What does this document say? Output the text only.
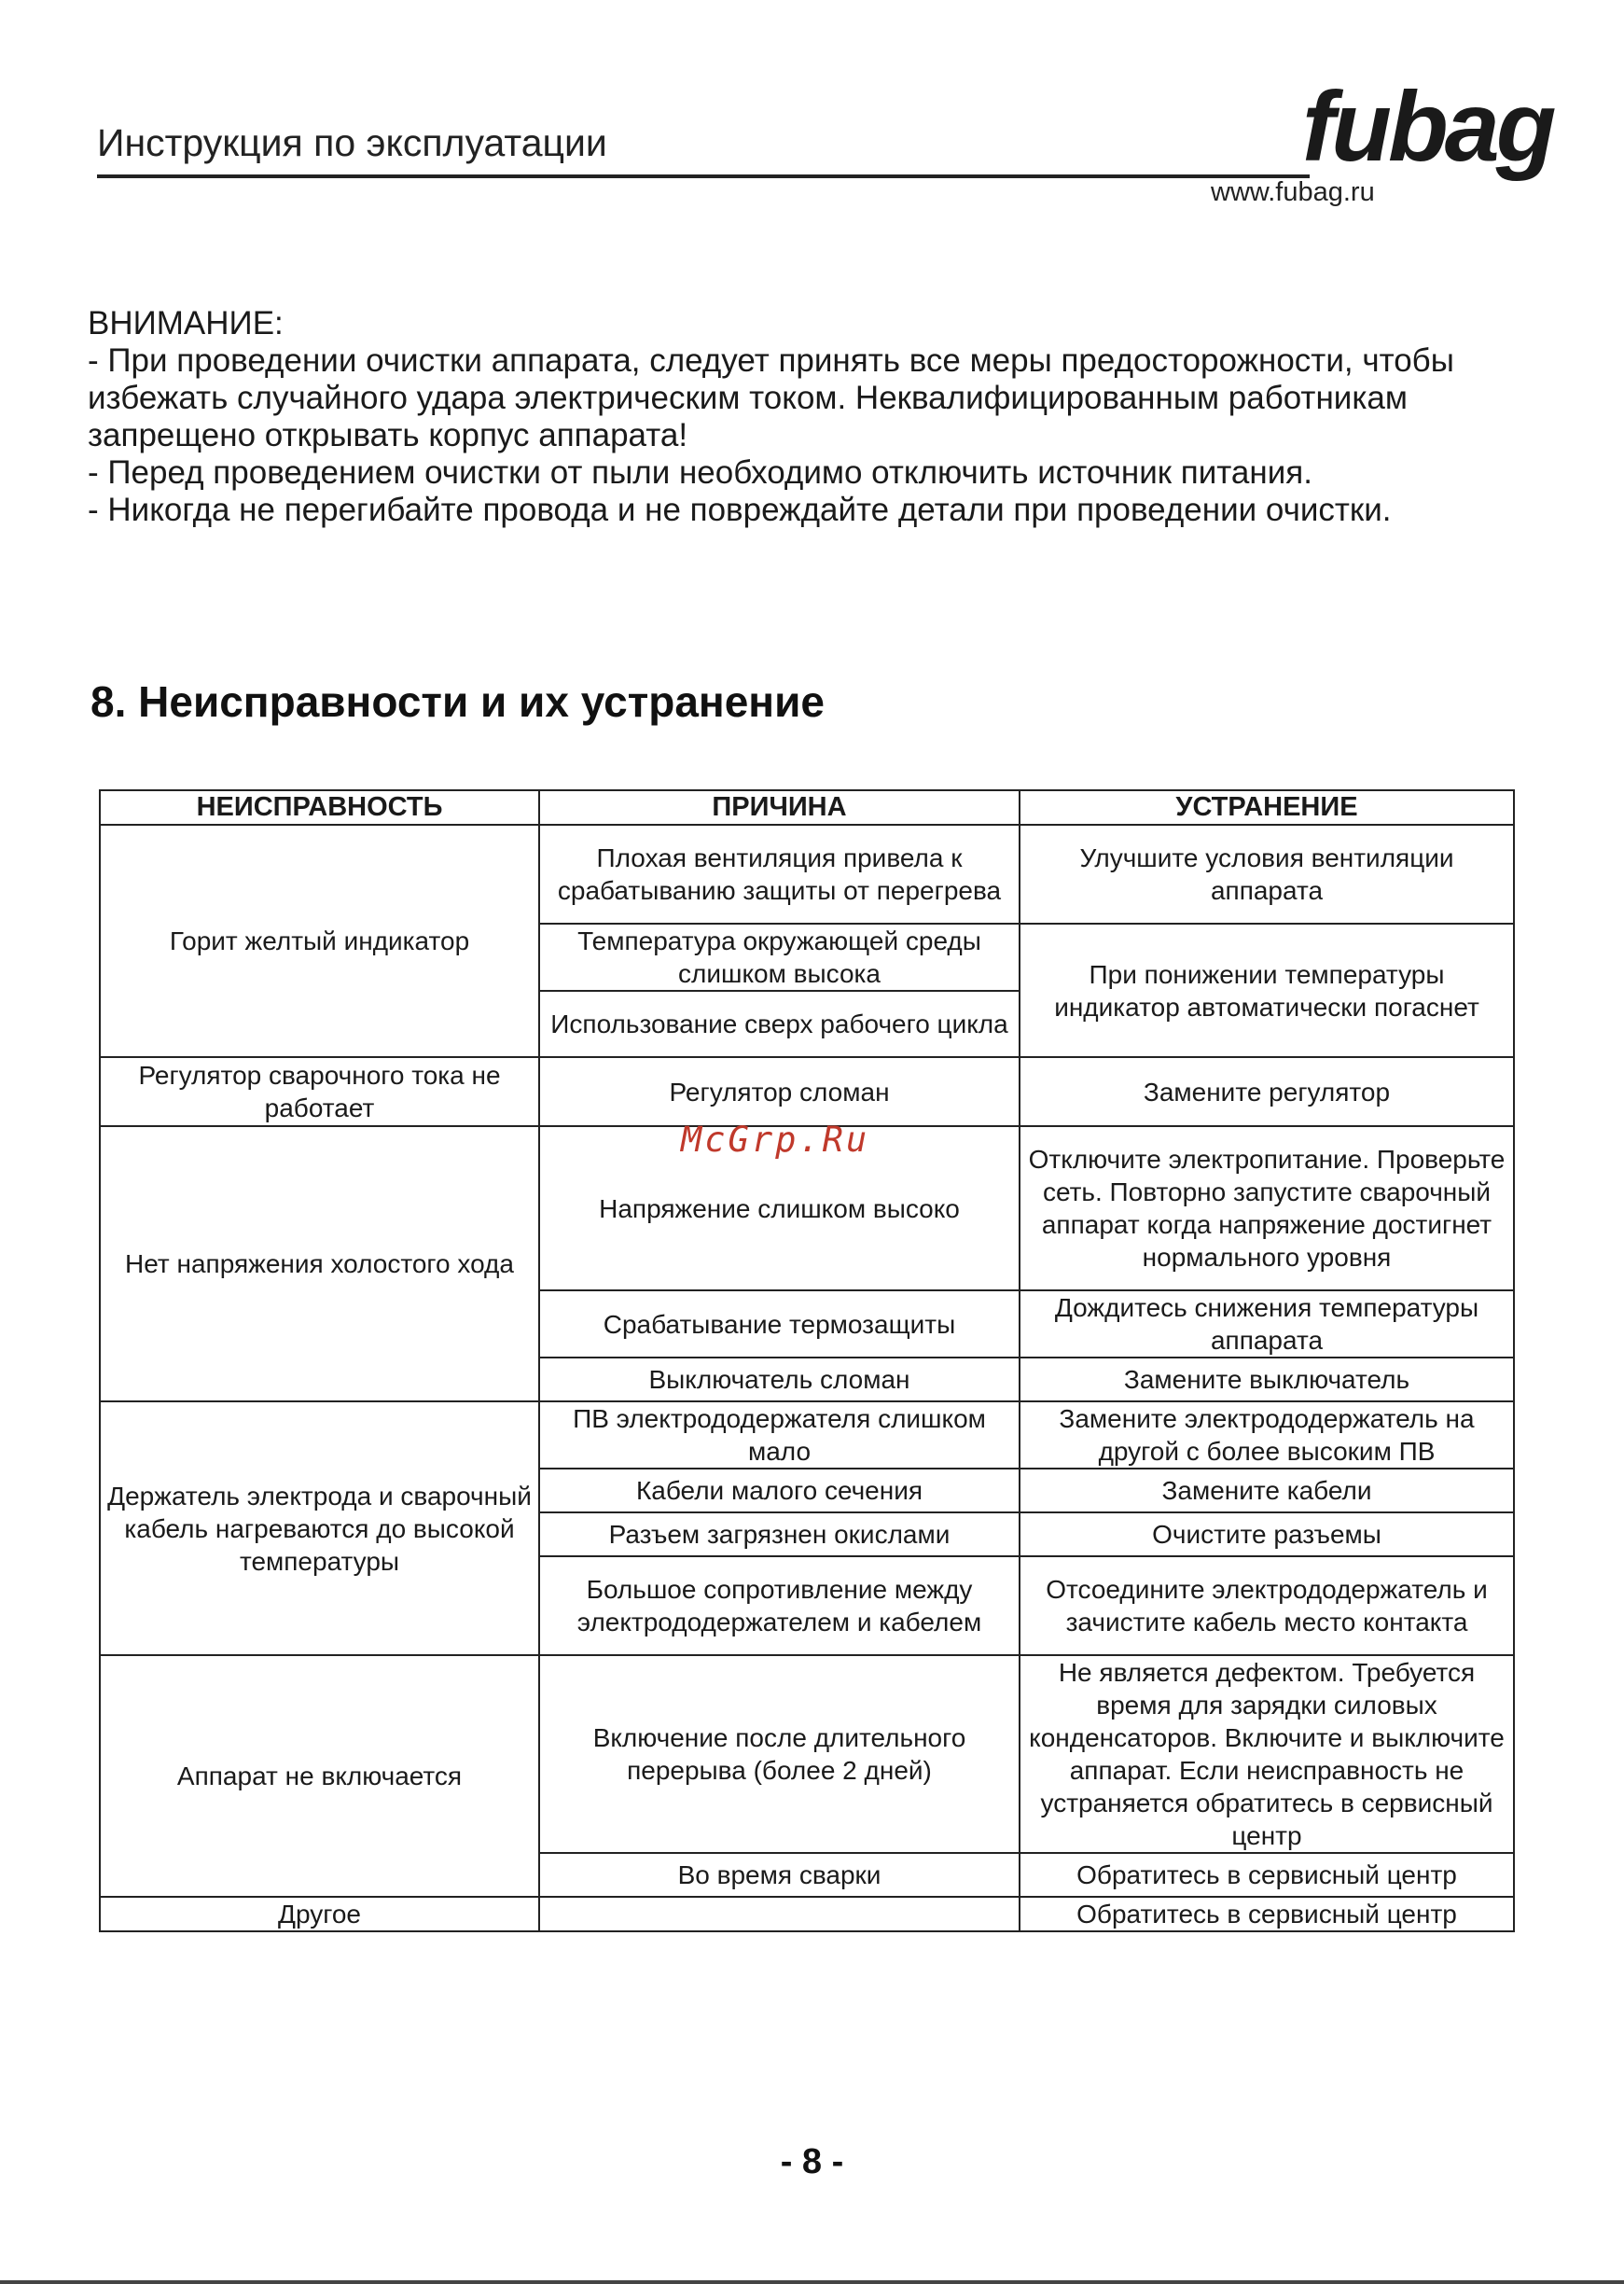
Инструкция по эксплуатации	fubag
www.fubag.ru
ВНИМАНИЕ:
- При проведении очистки аппарата, следует принять все меры предосторожности, чтобы
избежать случайного удара электрическим током. Неквалифицированным работникам
запрещено открывать корпус аппарата!
- Перед проведением очистки от пыли необходимо отключить источник питания.
- Никогда не перегибайте провода и не повреждайте детали при проведении очистки.
8. Неисправности и их устранение
НЕИСПРАВНОСТЬ	ПРИЧИНА	УСТРАНЕНИЕ
Горит желтый индикатор	Плохая вентиляция привела к срабатыванию защиты от перегрева	Улучшите условия вентиляции аппарата
	Температура окружающей среды слишком высока	При понижении температуры индикатор автоматически погаснет
	Использование сверх рабочего цикла	
Регулятор сварочного тока не работает	Регулятор сломан	Замените регулятор
Нет напряжения холостого хода	Напряжение слишком высоко	Отключите электропитание. Проверьте сеть. Повторно запустите сварочный аппарат когда напряжение достигнет нормального уровня
	Срабатывание термозащиты	Дождитесь снижения температуры аппарата
	Выключатель сломан	Замените выключатель
Держатель электрода и сварочный кабель нагреваются до высокой температуры	ПВ электрододержателя слишком мало	Замените электрододержатель на другой с более высоким ПВ
	Кабели малого сечения	Замените кабели
	Разъем загрязнен окислами	Очистите разъемы
	Большое сопротивление между электрододержателем и кабелем	Отсоедините электрододержатель и зачистите кабель место контакта
Аппарат не включается	Включение после длительного перерыва (более 2 дней)	Не является дефектом. Требуется время для зарядки силовых конденсаторов. Включите и выключите аппарат. Если неисправность не устраняется обратитесь в сервисный центр
	Во время сварки	Обратитесь в сервисный центр
Другое		Обратитесь в сервисный центр
McGrp.Ru
- 8 -
